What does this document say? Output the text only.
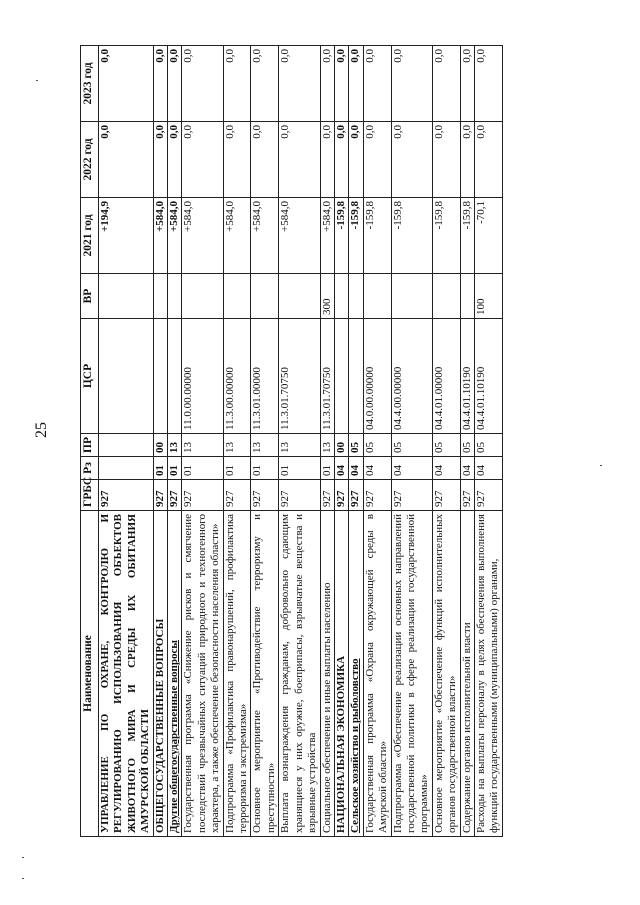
25
Наименование	ГРБС	Рз	ПР	ЦСР	ВР	2021 год	2022 год	2023 год
УПРАВЛЕНИЕ ПО ОХРАНЕ, КОНТРОЛЮ И РЕГУЛИРОВАНИЮ ИСПОЛЬЗОВАНИЯ ОБЪЕКТОВ ЖИВОТНОГО МИРА И СРЕДЫ ИХ ОБИТАНИЯ АМУРСКОЙ ОБЛАСТИ	927					+194,9	0,0	0,0
ОБЩЕГОСУДАРСТВЕННЫЕ ВОПРОСЫ	927	01	00			+584,0	0,0	0,0
Другие общегосударственные вопросы	927	01	13			+584,0	0,0	0,0
Государственная программа «Снижение рисков и смягчение последствий чрезвычайных ситуаций природного и техногенного характера, а также обеспечение безопасности населения области»	927	01	13	11.0.00.00000		+584,0	0,0	0,0
Подпрограмма «Профилактика правонарушений, профилактика терроризма и экстремизма»	927	01	13	11.3.00.00000		+584,0	0,0	0,0
Основное мероприятие «Противодействие терроризму и преступности»	927	01	13	11.3.01.00000		+584,0	0,0	0,0
Выплата вознаграждения гражданам, добровольно сдающим хранящиеся у них оружие, боеприпасы, взрывчатые вещества и взрывные устройства	927	01	13	11.3.01.70750		+584,0	0,0	0,0
Социальное обеспечение и иные выплаты населению	927	01	13	11.3.01.70750	300	+584,0	0,0	0,0
НАЦИОНАЛЬНАЯ ЭКОНОМИКА	927	04	00			-159,8	0,0	0,0
Сельское хозяйство и рыболовство	927	04	05			-159,8	0,0	0,0
Государственная программа «Охрана окружающей среды в Амурской области»	927	04	05	04.0.00.00000		-159,8	0,0	0,0
Подпрограмма «Обеспечение реализации основных направлений государственной политики в сфере реализации государственной программы»	927	04	05	04.4.00.00000		-159,8	0,0	0,0
Основное мероприятие «Обеспечение функций исполнительных органов государственной власти»	927	04	05	04.4.01.00000		-159,8	0,0	0,0
Содержание органов исполнительной власти	927	04	05	04.4.01.10190		-159,8	0,0	0,0
Расходы на выплаты персоналу в целях обеспечения выполнения функций государственными (муниципальными) органами,	927	04	05	04.4.01.10190	100	-70,1	0,0	0,0
